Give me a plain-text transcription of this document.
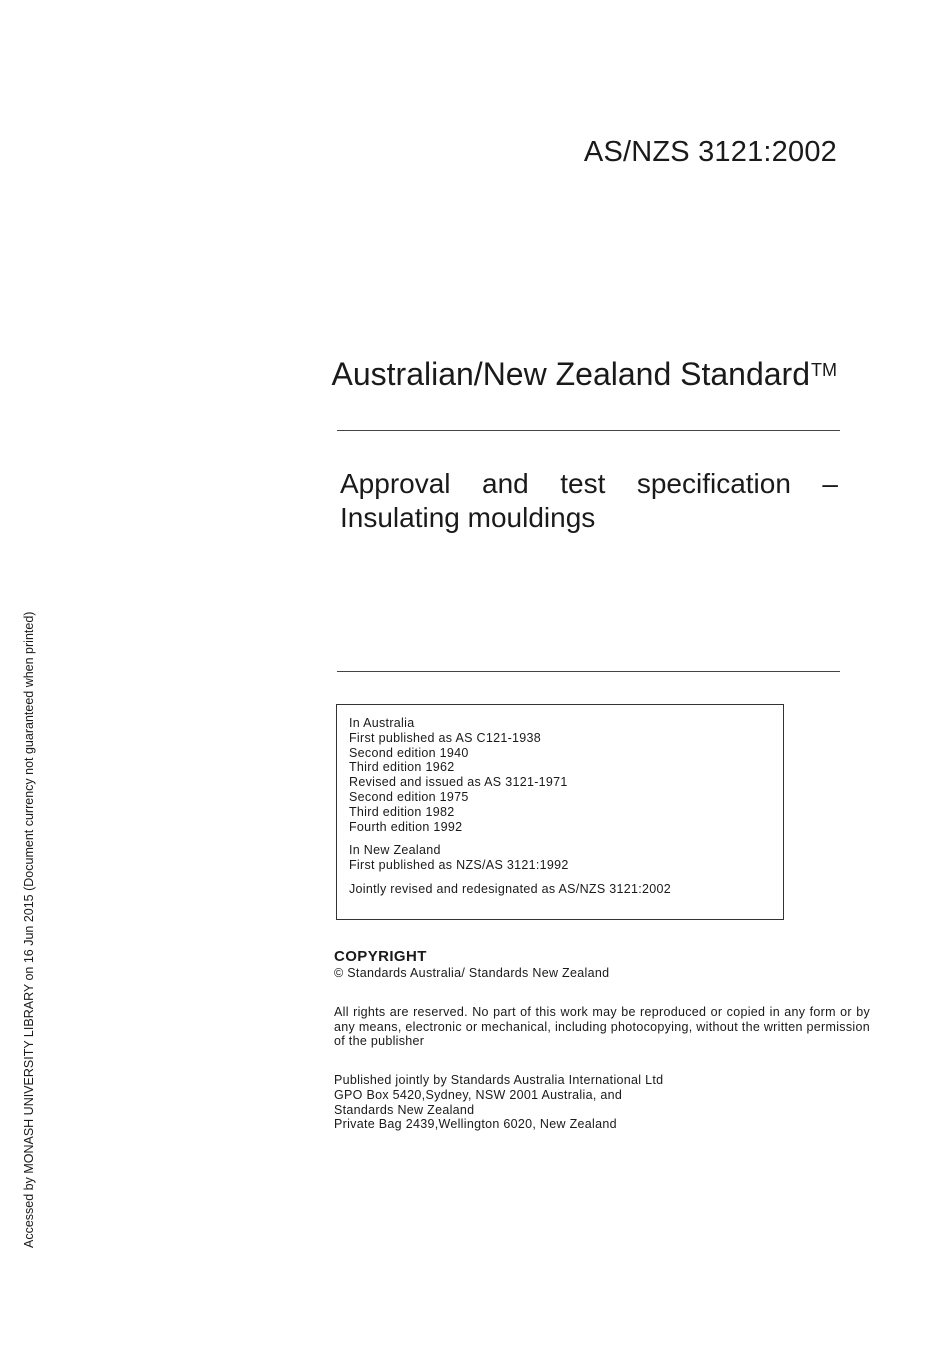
AS/NZS 3121:2002
Australian/New Zealand Standard™
Approval and test specification –
Insulating mouldings
In Australia
First published as AS C121-1938
Second edition 1940
Third edition 1962
Revised and issued as AS 3121-1971
Second edition 1975
Third edition 1982
Fourth edition 1992
In New Zealand
First published as NZS/AS 3121:1992
Jointly revised and redesignated as AS/NZS 3121:2002
COPYRIGHT
© Standards Australia/ Standards New Zealand
All rights are reserved. No part of this work may be reproduced or copied in any form or by any means, electronic or mechanical, including photocopying, without the written permission of the publisher
Published jointly by Standards Australia International Ltd
GPO Box 5420,Sydney, NSW 2001 Australia, and
Standards New Zealand
Private Bag 2439,Wellington 6020, New Zealand
Accessed by MONASH UNIVERSITY LIBRARY on 16 Jun 2015 (Document currency not guaranteed when printed)
